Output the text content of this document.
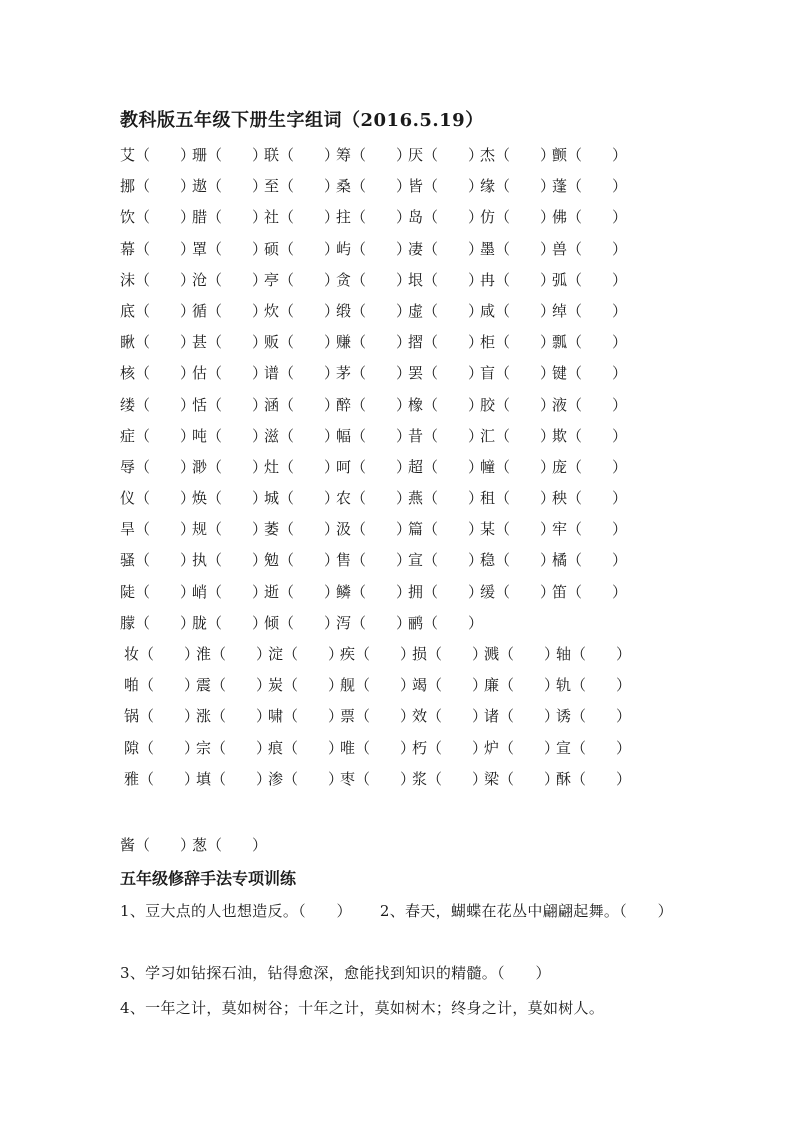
教科版五年级下册生字组词（2016.5.19）
艾（　　）珊（　　）联（　　）筹（　　）厌（　　）杰（　　）颤（　　）
挪（　　）遨（　　）至（　　）桑（　　）皆（　　）缘（　　）蓬（　　）
饮（　　）腊（　　）社（　　）拄（　　）岛（　　）仿（　　）佛（　　）
幕（　　）罩（　　）硕（　　）屿（　　）凄（　　）墨（　　）兽（　　）
沫（　　）沧（　　）亭（　　）贪（　　）垠（　　）冉（　　）弧（　　）
底（　　）循（　　）炊（　　）缎（　　）虚（　　）咸（　　）绰（　　）
瞅（　　）甚（　　）贩（　　）赚（　　）摺（　　）柜（　　）瓢（　　）
核（　　）估（　　）谱（　　）茅（　　）罢（　　）盲（　　）键（　　）
缕（　　）恬（　　）涵（　　）醉（　　）橡（　　）胶（　　）液（　　）
症（　　）吨（　　）滋（　　）幅（　　）昔（　　）汇（　　）欺（　　）
辱（　　）渺（　　）灶（　　）呵（　　）超（　　）幢（　　）庞（　　）
仪（　　）焕（　　）城（　　）农（　　）燕（　　）租（　　）秧（　　）
旱（　　）规（　　）萎（　　）汲（　　）篇（　　）某（　　）牢（　　）
骚（　　）执（　　）勉（　　）售（　　）宣（　　）稳（　　）橘（　　）
陡（　　）峭（　　）逝（　　）鳞（　　）拥（　　）缓（　　）笛（　　）
朦（　　）胧（　　）倾（　　）泻（　　）鹂（　　）
妆（　　）淮（　　）淀（　　）疾（　　）损（　　）溅（　　）轴（　　）
啪（　　）震（　　）炭（　　）舰（　　）竭（　　）廉（　　）轨（　　）
锅（　　）涨（　　）啸（　　）票（　　）效（　　）诸（　　）诱（　　）
隙（　　）宗（　　）痕（　　）唯（　　）朽（　　）炉（　　）宣（　　）
雅（　　）填（　　）渗（　　）枣（　　）浆（　　）梁（　　）酥（　　）
酱（　　）葱（　　）
五年级修辞手法专项训练
1、豆大点的人也想造反。（　　） 2、春天，蝴蝶在花丛中翩翩起舞。（　　）
3、学习如钻探石油，钻得愈深，愈能找到知识的精髓。（　　）
4、一年之计，莫如树谷；十年之计，莫如树木；终身之计，莫如树人。
